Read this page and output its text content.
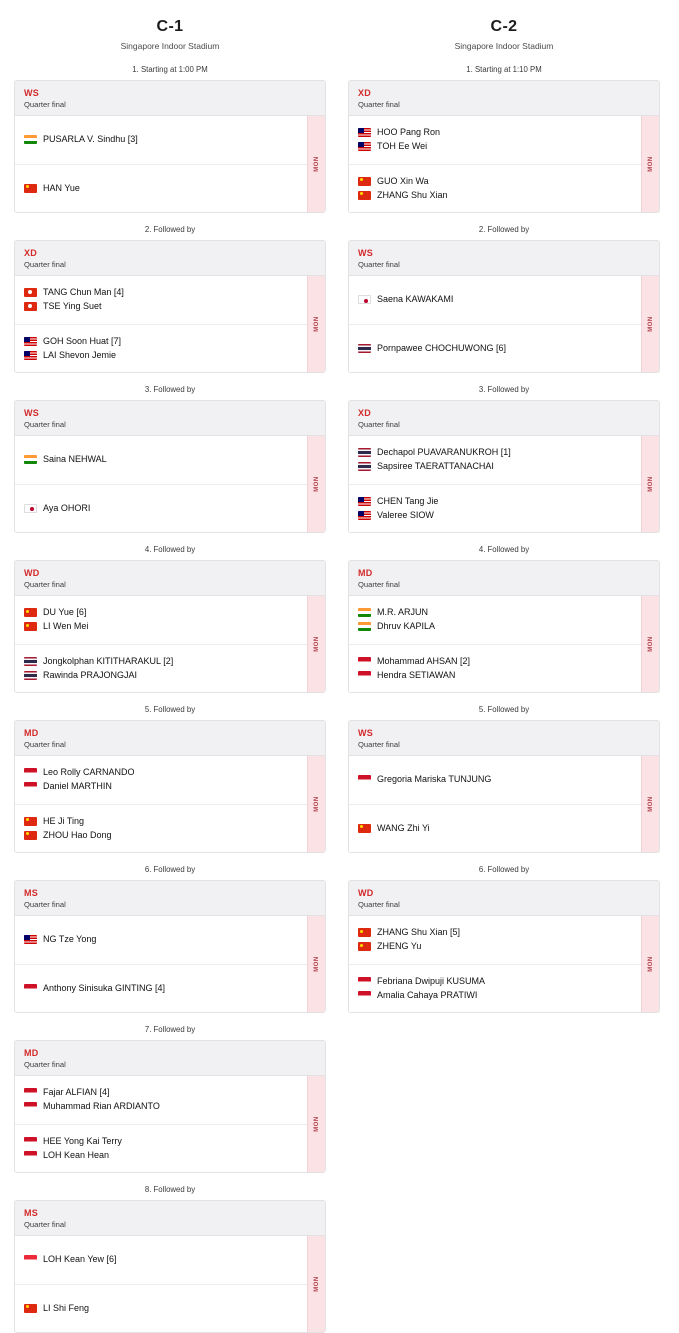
C-1
Singapore Indoor Stadium
1. Starting at 1:00 PM
WS
Quarter final
PUSARLA V. Sindhu [3]
HAN Yue
MON
2. Followed by
XD
Quarter final
TANG Chun Man [4]
TSE Ying Suet
GOH Soon Huat [7]
LAI Shevon Jemie
MON
3. Followed by
WS
Quarter final
Saina NEHWAL
Aya OHORI
MON
4. Followed by
WD
Quarter final
DU Yue [6]
LI Wen Mei
Jongkolphan KITITHARAKUL [2]
Rawinda PRAJONGJAI
MON
5. Followed by
MD
Quarter final
Leo Rolly CARNANDO
Daniel MARTHIN
HE Ji Ting
ZHOU Hao Dong
MON
6. Followed by
MS
Quarter final
NG Tze Yong
Anthony Sinisuka GINTING [4]
MON
7. Followed by
MD
Quarter final
Fajar ALFIAN [4]
Muhammad Rian ARDIANTO
HEE Yong Kai Terry
LOH Kean Hean
MON
8. Followed by
MS
Quarter final
LOH Kean Yew [6]
LI Shi Feng
MON
C-2
Singapore Indoor Stadium
1. Starting at 1:10 PM
XD
Quarter final
HOO Pang Ron
TOH Ee Wei
GUO Xin Wa
ZHANG Shu Xian
MON
2. Followed by
WS
Quarter final
Saena KAWAKAMI
Pornpawee CHOCHUWONG [6]
MON
3. Followed by
XD
Quarter final
Dechapol PUAVARANUKROH [1]
Sapsiree TAERATTANACHAI
CHEN Tang Jie
Valeree SIOW
MON
4. Followed by
MD
Quarter final
M.R. ARJUN
Dhruv KAPILA
Mohammad AHSAN [2]
Hendra SETIAWAN
MON
5. Followed by
WS
Quarter final
Gregoria Mariska TUNJUNG
WANG Zhi Yi
MON
6. Followed by
WD
Quarter final
ZHANG Shu Xian [5]
ZHENG Yu
Febriana Dwipuji KUSUMA
Amalia Cahaya PRATIWI
MON
